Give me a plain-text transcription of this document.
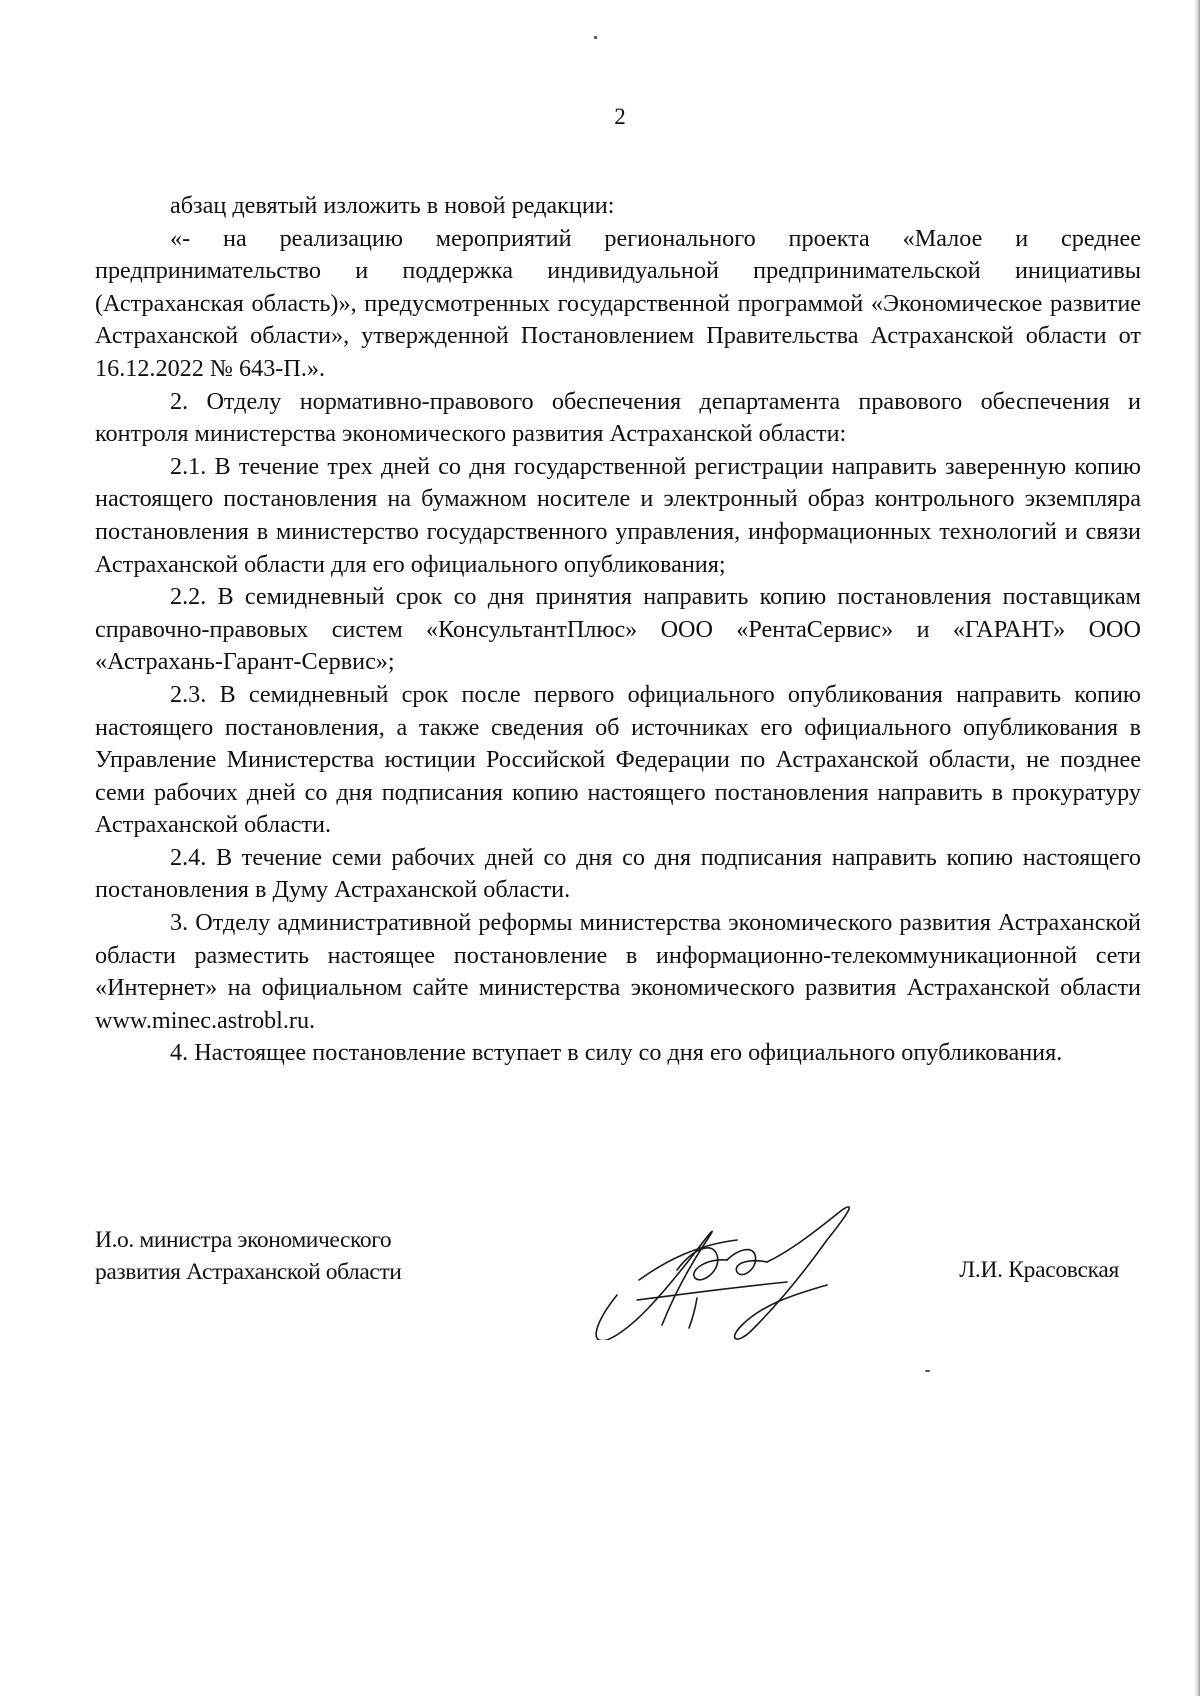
2

абзац девятый изложить в новой редакции:

«- на реализацию мероприятий регионального проекта «Малое и среднее предпринимательство и поддержка индивидуальной предпринимательской инициативы (Астраханская область)», предусмотренных государственной программой «Экономическое развитие Астраханской области», утвержденной Постановлением Правительства Астраханской области от 16.12.2022 № 643-П.».

2. Отделу нормативно-правового обеспечения департамента правового обеспечения и контроля министерства экономического развития Астраханской области:

2.1. В течение трех дней со дня государственной регистрации направить заверенную копию настоящего постановления на бумажном носителе и электронный образ контрольного экземпляра постановления в министерство государственного управления, информационных технологий и связи Астраханской области для его официального опубликования;

2.2. В семидневный срок со дня принятия направить копию постановления поставщикам справочно-правовых систем «КонсультантПлюс» ООО «РентаСервис» и «ГАРАНТ» ООО «Астрахань-Гарант-Сервис»;

2.3. В семидневный срок после первого официального опубликования направить копию настоящего постановления, а также сведения об источниках его официального опубликования в Управление Министерства юстиции Российской Федерации по Астраханской области, не позднее семи рабочих дней со дня подписания копию настоящего постановления направить в прокуратуру Астраханской области.

2.4. В течение семи рабочих дней со дня со дня подписания направить копию настоящего постановления в Думу Астраханской области.

3. Отделу административной реформы министерства экономического развития Астраханской области разместить настоящее постановление в информационно-телекоммуникационной сети «Интернет» на официальном сайте министерства экономического развития Астраханской области www.minec.astrobl.ru.

4. Настоящее постановление вступает в силу со дня его официального опубликования.

И.о. министра экономического
развития Астраханской области	Л.И. Красовская
